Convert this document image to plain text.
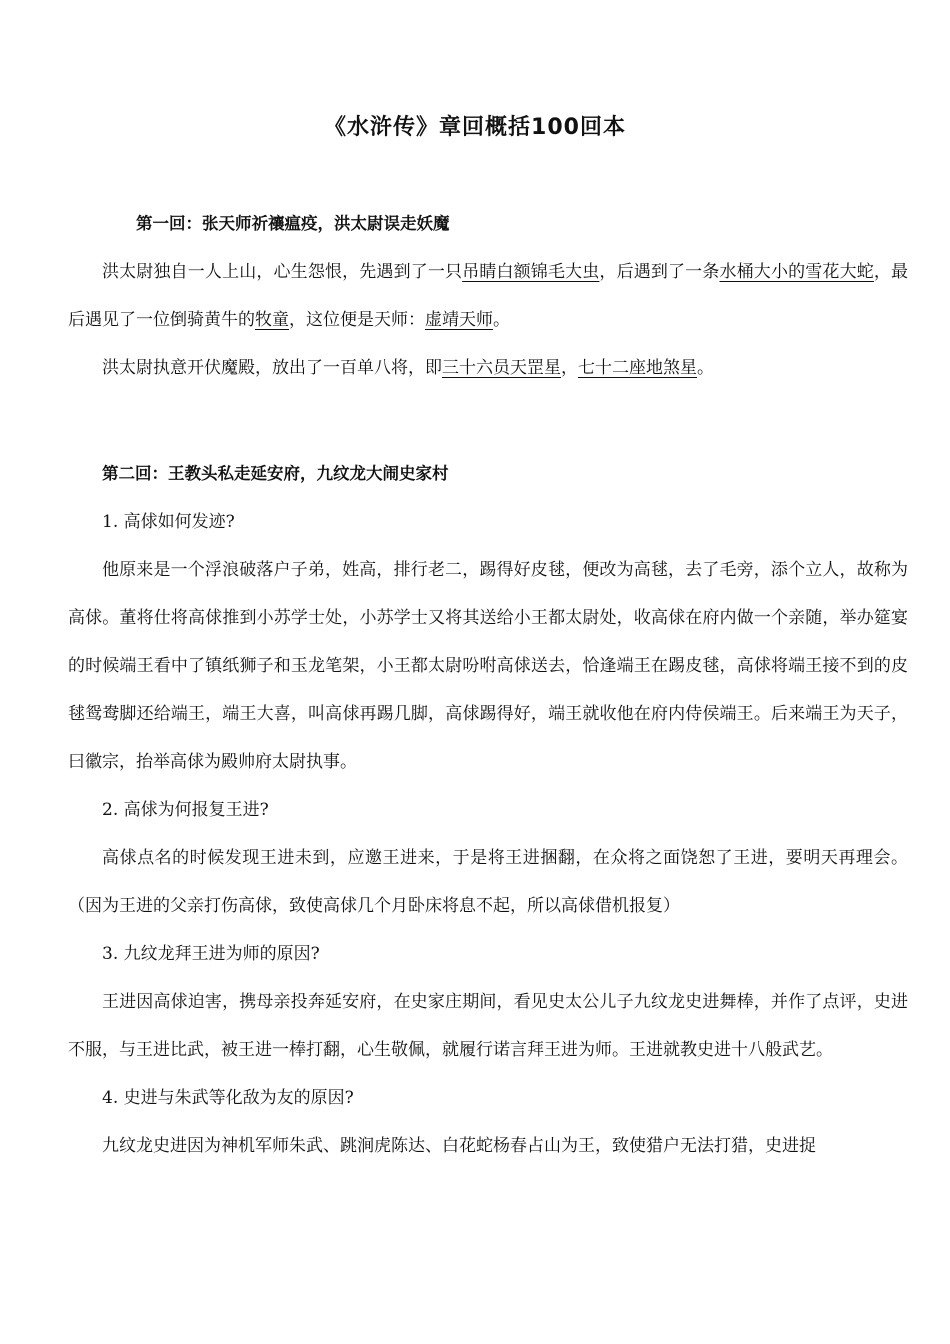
《水浒传》章回概括100回本
第一回：张天师祈禳瘟疫，洪太尉误走妖魔
洪太尉独自一人上山，心生怨恨，先遇到了一只吊睛白额锦毛大虫，后遇到了一条水桶大小的雪花大蛇，最后遇见了一位倒骑黄牛的牧童，这位便是天师：虚靖天师。
洪太尉执意开伏魔殿，放出了一百单八将，即三十六员天罡星，七十二座地煞星。
第二回：王教头私走延安府，九纹龙大闹史家村
1. 高俅如何发迹?
他原来是一个浮浪破落户子弟，姓高，排行老二，踢得好皮毬，便改为高毬，去了毛旁，添个立人，故称为高俅。董将仕将高俅推到小苏学士处，小苏学士又将其送给小王都太尉处，收高俅在府内做一个亲随，举办筵宴的时候端王看中了镇纸狮子和玉龙笔架，小王都太尉吩咐高俅送去，恰逢端王在踢皮毬，高俅将端王接不到的皮毬鸳鸯脚还给端王，端王大喜，叫高俅再踢几脚，高俅踢得好，端王就收他在府内侍侯端王。后来端王为天子，曰徽宗，抬举高俅为殿帅府太尉执事。
2. 高俅为何报复王进?
高俅点名的时候发现王进未到，应邀王进来，于是将王进捆翻，在众将之面饶恕了王进，要明天再理会。（因为王进的父亲打伤高俅，致使高俅几个月卧床将息不起，所以高俅借机报复）
3. 九纹龙拜王进为师的原因?
王进因高俅迫害，携母亲投奔延安府，在史家庄期间，看见史太公儿子九纹龙史进舞棒，并作了点评，史进不服，与王进比武，被王进一棒打翻，心生敬佩，就履行诺言拜王进为师。王进就教史进十八般武艺。
4. 史进与朱武等化敌为友的原因?
九纹龙史进因为神机军师朱武、跳涧虎陈达、白花蛇杨春占山为王，致使猎户无法打猎，史进捉
